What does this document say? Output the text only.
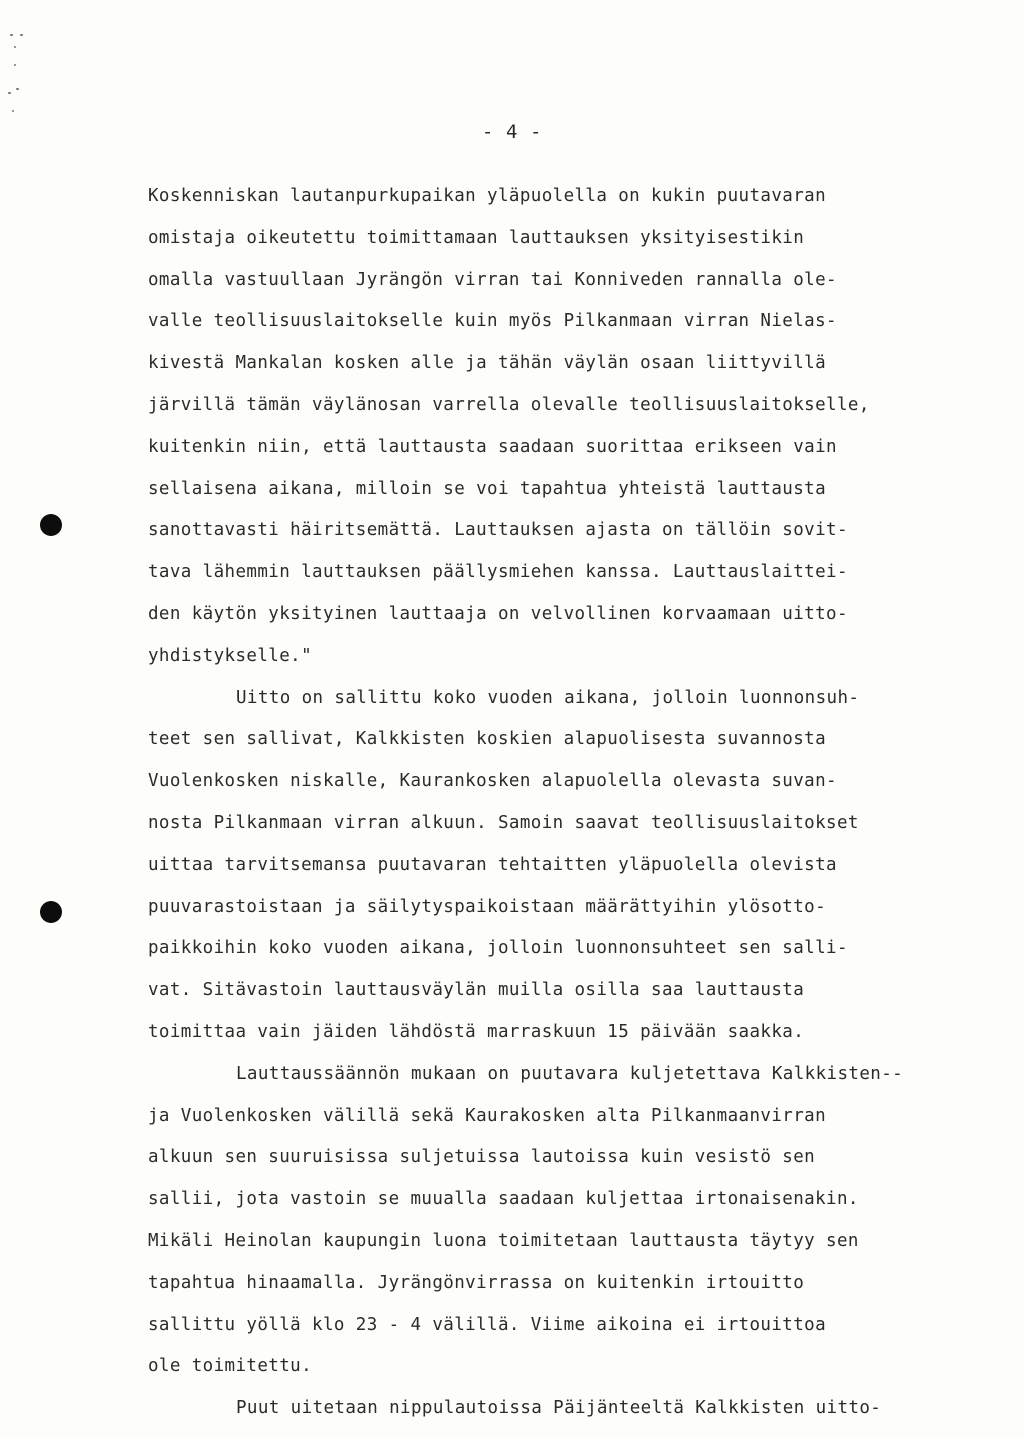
- 4 -
Koskenniskan lautanpurkupaikan yläpuolella on kukin puutavaran
omistaja oikeutettu toimittamaan lauttauksen yksityisestikin
omalla vastuullaan Jyrängön virran tai Konniveden rannalla ole-
valle teollisuuslaitokselle kuin myös Pilkanmaan virran Nielas-
kivestä Mankalan kosken alle ja tähän väylän osaan liittyvillä
järvillä tämän väylänosan varrella olevalle teollisuuslaitokselle,
kuitenkin niin, että lauttausta saadaan suorittaa erikseen vain
sellaisena aikana, milloin se voi tapahtua yhteistä lauttausta
sanottavasti häiritsemättä. Lauttauksen ajasta on tällöin sovit-
tava lähemmin lauttauksen päällysmiehen kanssa. Lauttauslaittei-
den käytön yksityinen lauttaaja on velvollinen korvaamaan uitto-
yhdistykselle."
Uitto on sallittu koko vuoden aikana, jolloin luonnonsuh-
teet sen sallivat, Kalkkisten koskien alapuolisesta suvannosta
Vuolenkosken niskalle, Kaurankosken alapuolella olevasta suvan-
nosta Pilkanmaan virran alkuun. Samoin saavat teollisuuslaitokset
uittaa tarvitsemansa puutavaran tehtaitten yläpuolella olevista
puuvarastoistaan ja säilytyspaikoistaan määrättyihin ylösotto-
paikkoihin koko vuoden aikana, jolloin luonnonsuhteet sen salli-
vat. Sitävastoin lauttausväylän muilla osilla saa lauttausta
toimittaa vain jäiden lähdöstä marraskuun 15 päivään saakka.
Lauttaussäännön mukaan on puutavara kuljetettava Kalkkisten--
ja Vuolenkosken välillä sekä Kaurakosken alta Pilkanmaanvirran
alkuun sen suuruisissa suljetuissa lautoissa kuin vesistö sen
sallii, jota vastoin se muualla saadaan kuljettaa irtonaisenakin.
Mikäli Heinolan kaupungin luona toimitetaan lauttausta täytyy sen
tapahtua hinaamalla. Jyrängönvirrassa on kuitenkin irtouitto
sallittu yöllä klo 23 - 4 välillä. Viime aikoina ei irtouittoa
ole toimitettu.
Puut uitetaan nippulautoissa Päijänteeltä Kalkkisten uitto-
